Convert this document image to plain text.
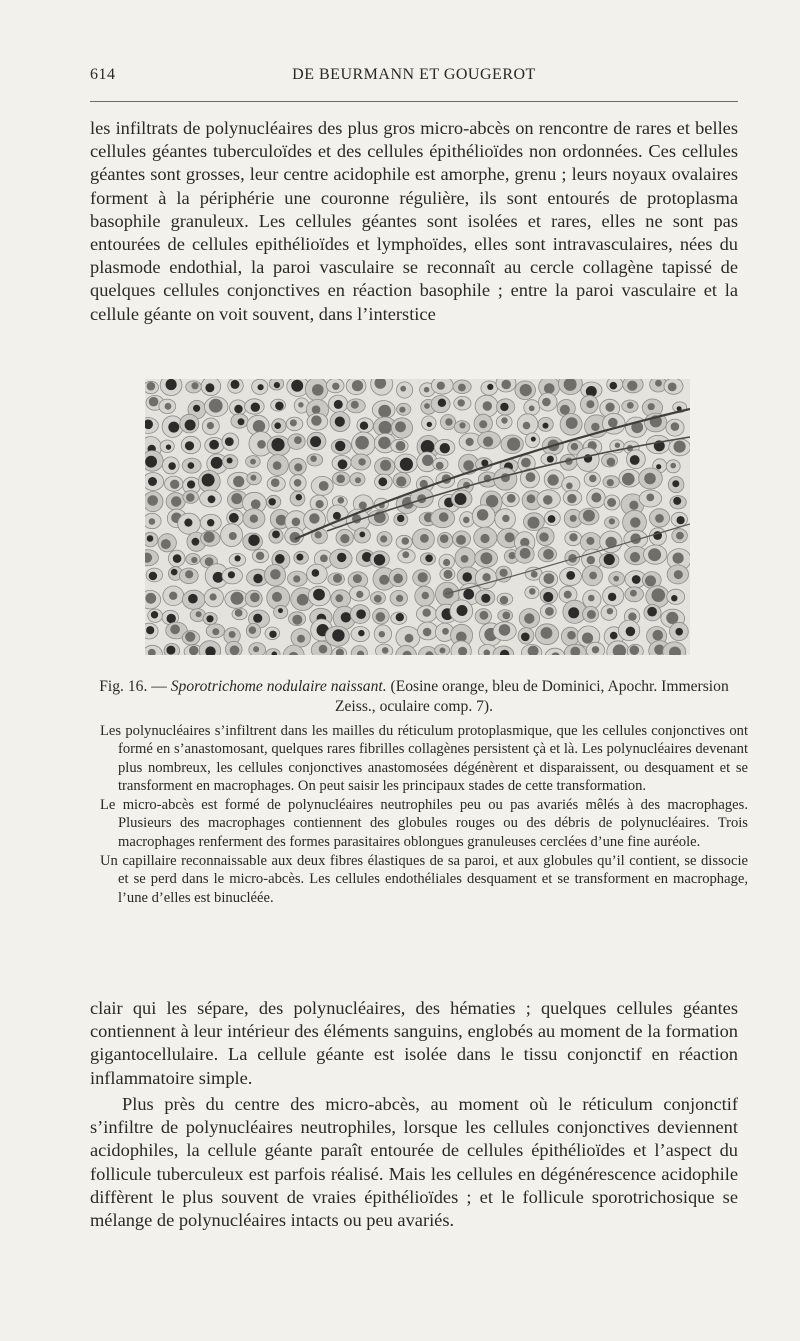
614	DE BEURMANN ET GOUGEROT

les infiltrats de polynucléaires des plus gros micro-abcès on rencontre de rares et belles cellules géantes tuberculoïdes et des cellules épithélioïdes non ordonnées. Ces cellules géantes sont grosses, leur centre acidophile est amorphe, grenu ; leurs noyaux ovalaires forment à la périphérie une couronne régulière, ils sont entourés de protoplasma basophile granuleux. Les cellules géantes sont isolées et rares, elles ne sont pas entourées de cellules epithélioïdes et lymphoïdes, elles sont intravasculaires, nées du plasmode endothial, la paroi vasculaire se reconnaît au cercle collagène tapissé de quelques cellules conjonctives en réaction basophile ; entre la paroi vasculaire et la cellule géante on voit souvent, dans l’interstice

Fig. 16. — Sporotrichome nodulaire naissant. (Eosine orange, bleu de Dominici, Apochr. Immersion Zeiss., oculaire comp. 7).

Les polynucléaires s’infiltrent dans les mailles du réticulum protoplasmique, que les cellules conjonctives ont formé en s’anastomosant, quelques rares fibrilles collagènes persistent çà et là. Les polynucléaires devenant plus nombreux, les cellules conjonctives anastomosées dégénèrent et disparaissent, ou desquament et se transforment en macrophages. On peut saisir les principaux stades de cette transformation.

Le micro-abcès est formé de polynucléaires neutrophiles peu ou pas avariés mêlés à des macrophages. Plusieurs des macrophages contiennent des globules rouges ou des débris de polynucléaires. Trois macrophages renferment des formes parasitaires oblongues granuleuses cerclées d’une fine auréole.

Un capillaire reconnaissable aux deux fibres élastiques de sa paroi, et aux globules qu’il contient, se dissocie et se perd dans le micro-abcès. Les cellules endothéliales desquament et se transforment en macrophage, l’une d’elles est binucléée.

clair qui les sépare, des polynucléaires, des hématies ; quelques cellules géantes contiennent à leur intérieur des éléments sanguins, englobés au moment de la formation gigantocellulaire. La cellule géante est isolée dans le tissu conjonctif en réaction inflammatoire simple.

Plus près du centre des micro-abcès, au moment où le réticulum conjonctif s’infiltre de polynucléaires neutrophiles, lorsque les cellules conjonctives deviennent acidophiles, la cellule géante paraît entourée de cellules épithélioïdes et l’aspect du follicule tuberculeux est parfois réalisé. Mais les cellules en dégénérescence acidophile diffèrent le plus souvent de vraies épithélioïdes ; et le follicule sporotrichosique se mélange de polynucléaires intacts ou peu avariés.
